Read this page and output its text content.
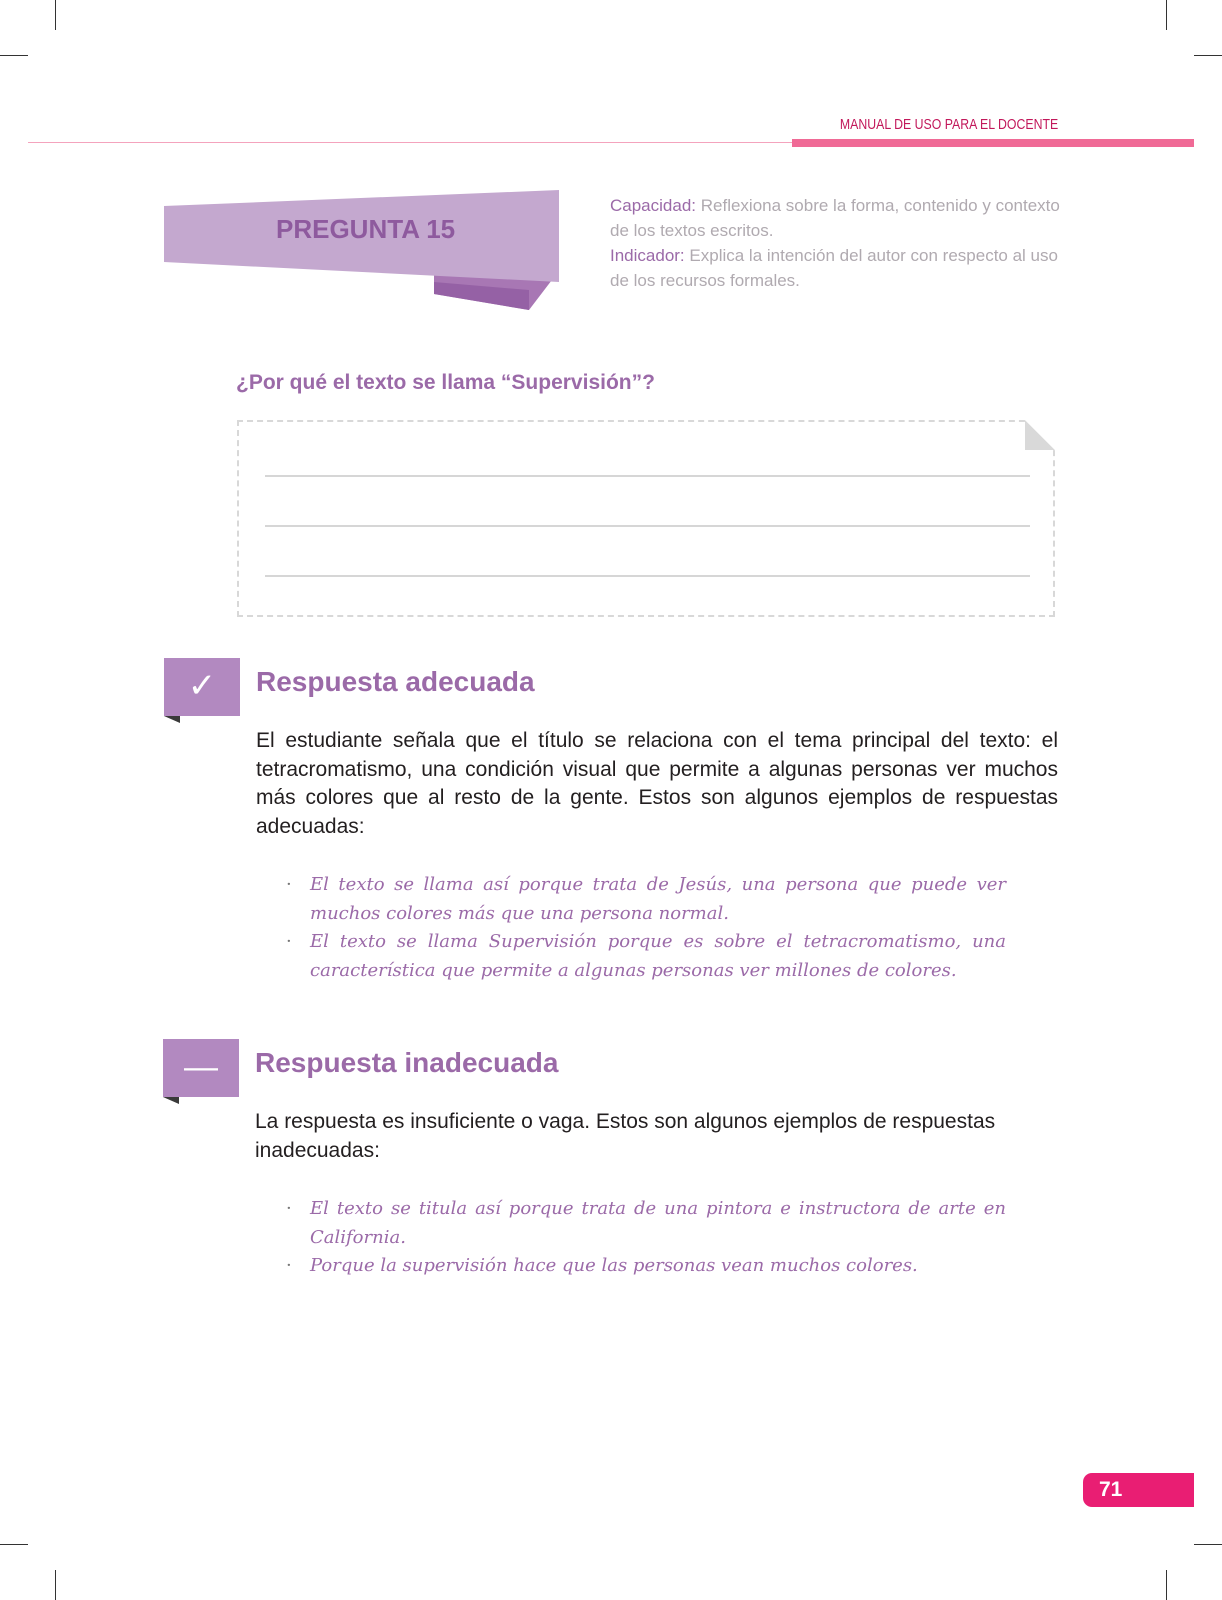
MANUAL DE USO PARA EL DOCENTE
PREGUNTA 15
Capacidad: Reflexiona sobre la forma, contenido y contexto de los textos escritos.
Indicador: Explica la intención del autor con respecto al uso de los recursos formales.
¿Por qué el texto se llama “Supervisión”?
✓	Respuesta adecuada
El estudiante señala que el título se relaciona con el tema principal del texto: el tetracromatismo, una condición visual que permite a algunas personas ver muchos más colores que al resto de la gente. Estos son algunos ejemplos de respuestas adecuadas:
· El texto se llama así porque trata de Jesús, una persona que puede ver muchos colores más que una persona normal.
· El texto se llama Supervisión porque es sobre el tetracromatismo, una característica que permite a algunas personas ver millones de colores.
—	Respuesta inadecuada
La respuesta es insuficiente o vaga. Estos son algunos ejemplos de respuestas inadecuadas:
· El texto se titula así porque trata de una pintora e instructora de arte en California.
· Porque la supervisión hace que las personas vean muchos colores.
71
